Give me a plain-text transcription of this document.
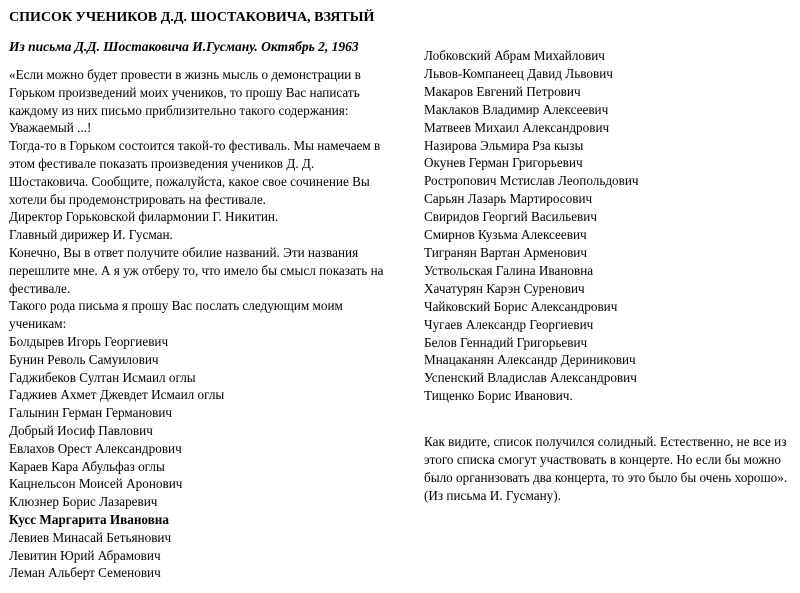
СПИСОК УЧЕНИКОВ Д.Д. ШОСТАКОВИЧА, ВЗЯТЫЙ
Из письма Д.Д. Шостаковича И.Гусману. Октябрь 2, 1963
«Если можно будет провести в жизнь мысль о демонстрации в
Горьком произведений моих учеников, то прошу Вас написать
каждому из них письмо приблизительно такого содержания:
Уважаемый ...!
Тогда-то в Горьком состоится такой-то фестиваль. Мы намечаем в
этом фестивале показать произведения учеников Д. Д.
Шостаковича. Сообщите, пожалуйста, какое свое сочинение Вы
хотели бы продемонстрировать на фестивале.
Директор Горьковской филармонии Г. Никитин.
Главный дирижер И. Гусман.
Конечно, Вы в ответ получите обилие названий. Эти названия
перешлите мне. А я уж отберу то, что имело бы смысл показать на
фестивале.
Такого рода письма я прошу Вас послать следующим моим
ученикам:
Болдырев Игорь Георгиевич
Бунин Револь Самуилович
Гаджибеков Султан Исмаил оглы
Гаджиев Ахмет Джевдет Исмаил оглы
Галынин Герман Германович
Добрый Иосиф Павлович
Евлахов Орест Александрович
Караев Кара Абульфаз оглы
Кацнельсон Моисей Аронович
Клюзнер Борис Лазаревич
Кусс Маргарита Ивановна
Левиев Минасай Бетьянович
Левитин Юрий Абрамович
Леман Альберт Семенович
Лобковский Абрам Михайлович
Львов-Компанеец Давид Львович
Макаров Евгений Петрович
Маклаков Владимир Алексеевич
Матвеев Михаил Александрович
Назирова Эльмира Рза кызы
Окунев Герман Григорьевич
Ростропович Мстислав Леопольдович
Сарьян Лазарь Мартиросович
Свиридов Георгий Васильевич
Смирнов Кузьма Алексеевич
Тигранян Вартан Арменович
Уствольская Галина Ивановна
Хачатурян Карэн Суренович
Чайковский Борис Александрович
Чугаев Александр Георгиевич
Белов Геннадий Григорьевич
Мнацаканян Александр Дериникович
Успенский Владислав Александрович
Тищенко Борис Иванович.
Как видите, список получился солидный. Естественно, не все из
этого списка смогут участвовать в концерте. Но если бы можно
было организовать два концерта, то это было бы очень хорошо».
(Из письма И. Гусману).
